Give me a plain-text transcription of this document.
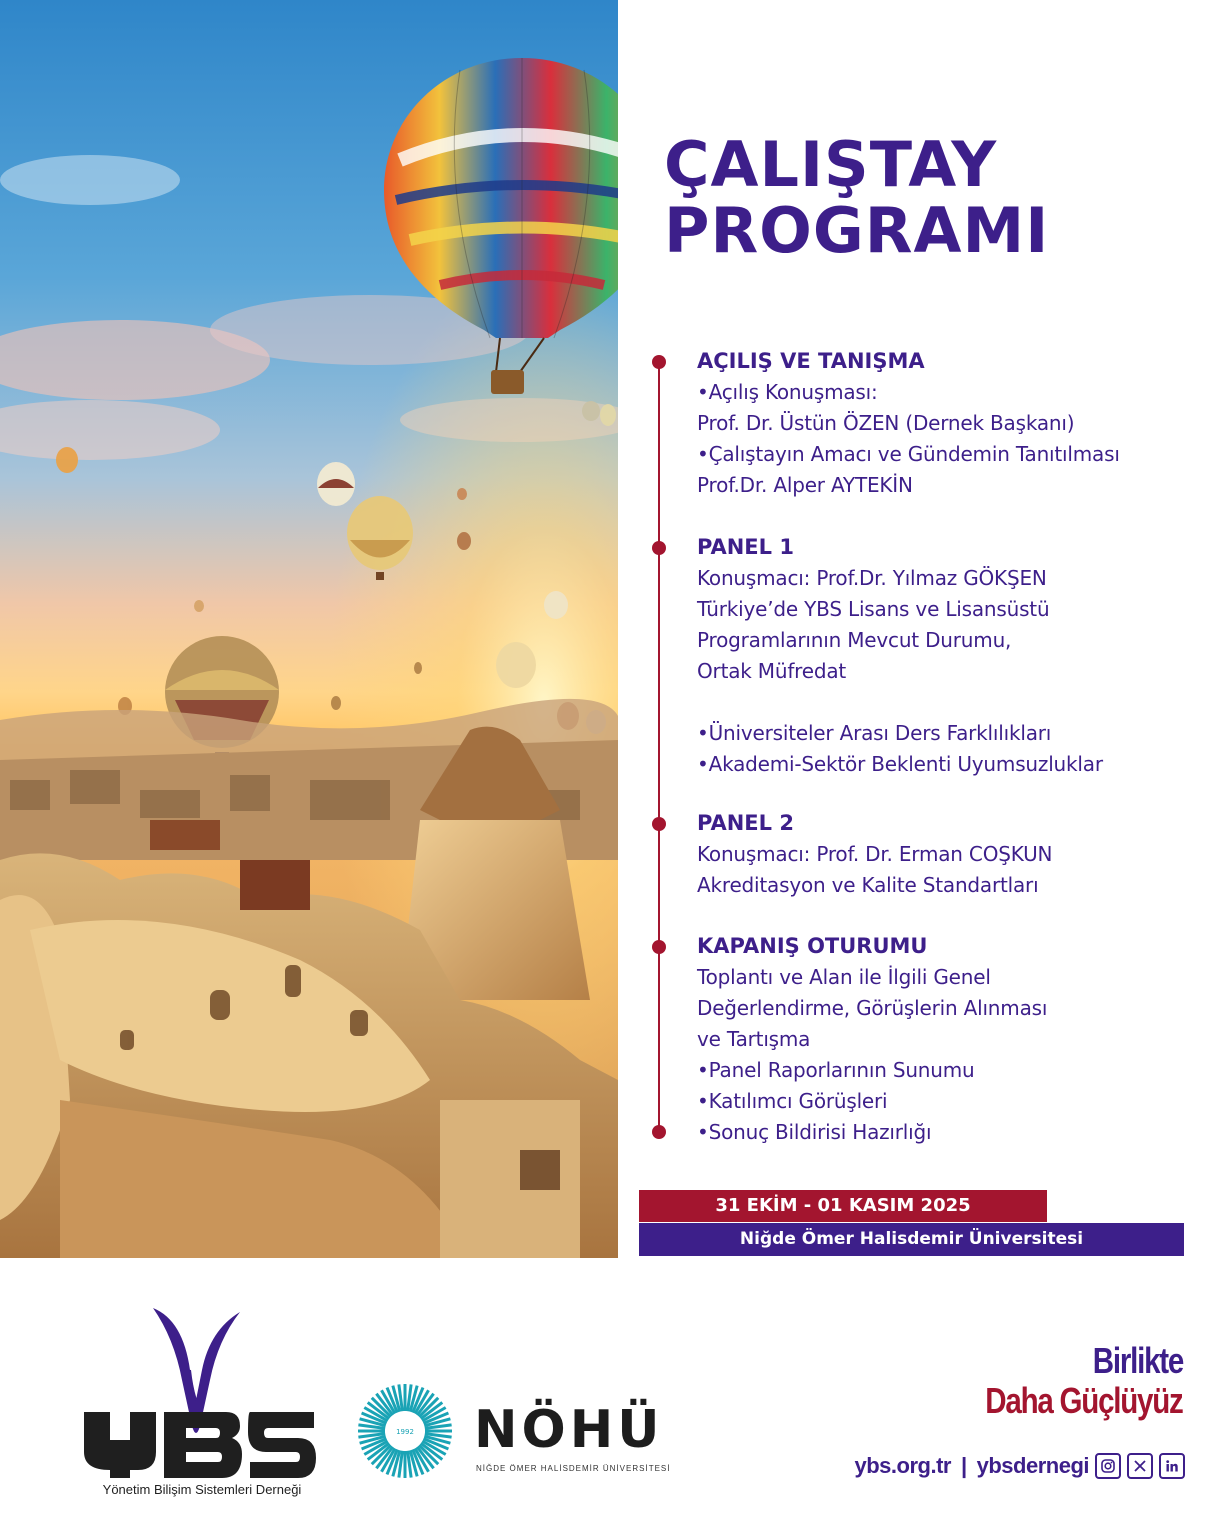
ÇALIŞTAY
PROGRAMI
AÇILIŞ VE TANIŞMA
•Açılış Konuşması:
Prof. Dr. Üstün ÖZEN (Dernek Başkanı)
•Çalıştayın Amacı ve Gündemin Tanıtılması
Prof.Dr. Alper AYTEKİN
PANEL 1
Konuşmacı: Prof.Dr. Yılmaz GÖKŞEN
Türkiye’de YBS Lisans ve Lisansüstü
Programlarının Mevcut Durumu,
Ortak Müfredat
•Üniversiteler Arası Ders Farklılıkları
•Akademi-Sektör Beklenti Uyumsuzluklar
PANEL 2
Konuşmacı: Prof. Dr. Erman COŞKUN
Akreditasyon ve Kalite Standartları
KAPANIŞ OTURUMU
Toplantı ve Alan ile İlgili Genel
Değerlendirme, Görüşlerin Alınması
ve Tartışma
•Panel Raporlarının Sunumu
•Katılımcı Görüşleri
•Sonuç Bildirisi Hazırlığı
31 EKİM - 01 KASIM 2025
Niğde Ömer Halisdemir Üniversitesi
Yönetim Bilişim Sistemleri Derneği
1992 NÖHÜ
NİĞDE ÖMER HALİSDEMİR ÜNİVERSİTESİ
Birlikte
Daha Güçlüyüz
ybs.org.tr | ybsdernegi
